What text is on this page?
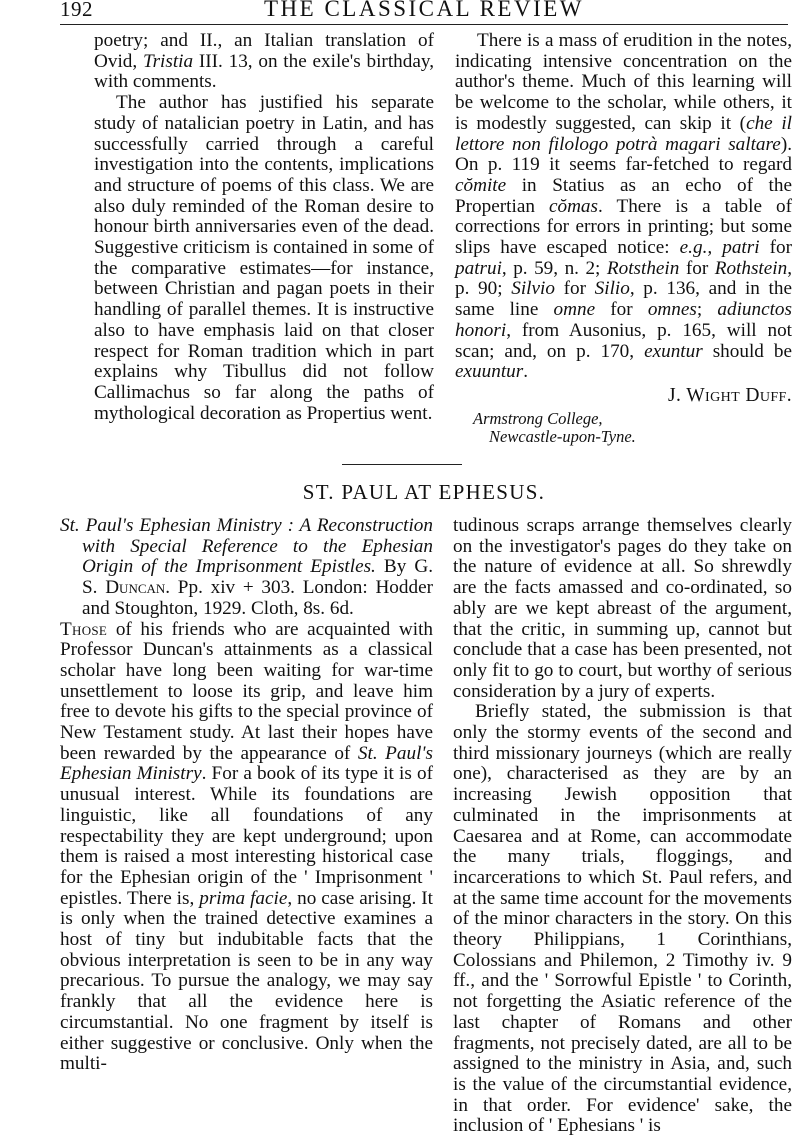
192	THE CLASSICAL REVIEW

poetry; and II., an Italian translation of Ovid, Tristia III. 13, on the exile's birthday, with comments.

The author has justified his separate study of natalician poetry in Latin, and has successfully carried through a careful investigation into the contents, implications and structure of poems of this class. We are also duly reminded of the Roman desire to honour birth anniversaries even of the dead. Suggestive criticism is contained in some of the comparative estimates—for instance, between Christian and pagan poets in their handling of parallel themes. It is instructive also to have emphasis laid on that closer respect for Roman tradition which in part explains why Tibullus did not follow Callimachus so far along the paths of mythological decoration as Propertius went.

There is a mass of erudition in the notes, indicating intensive concentration on the author's theme. Much of this learning will be welcome to the scholar, while others, it is modestly suggested, can skip it (che il lettore non filologo potrà magari saltare). On p. 119 it seems far-fetched to regard cŏmite in Statius as an echo of the Propertian cŏmas. There is a table of corrections for errors in printing; but some slips have escaped notice: e.g., patri for patrui, p. 59, n. 2; Rotsthein for Rothstein, p. 90; Silvio for Silio, p. 136, and in the same line omne for omnes; adiunctos honori, from Ausonius, p. 165, will not scan; and, on p. 170, exuntur should be exuuntur.

J. Wight Duff.
Armstrong College,
Newcastle-upon-Tyne.
ST. PAUL AT EPHESUS.

St. Paul's Ephesian Ministry : A Reconstruction with Special Reference to the Ephesian Origin of the Imprisonment Epistles. By G. S. Duncan. Pp. xiv + 303. London: Hodder and Stoughton, 1929. Cloth, 8s. 6d.

Those of his friends who are acquainted with Professor Duncan's attainments as a classical scholar have long been waiting for war-time unsettlement to loose its grip, and leave him free to devote his gifts to the special province of New Testament study. At last their hopes have been rewarded by the appearance of St. Paul's Ephesian Ministry. For a book of its type it is of unusual interest. While its foundations are linguistic, like all foundations of any respectability they are kept underground; upon them is raised a most interesting historical case for the Ephesian origin of the ' Imprisonment ' epistles. There is, prima facie, no case arising. It is only when the trained detective examines a host of tiny but indubitable facts that the obvious interpretation is seen to be in any way precarious. To pursue the analogy, we may say frankly that all the evidence here is circumstantial. No one fragment by itself is either suggestive or conclusive. Only when the multi-

tudinous scraps arrange themselves clearly on the investigator's pages do they take on the nature of evidence at all. So shrewdly are the facts amassed and co-ordinated, so ably are we kept abreast of the argument, that the critic, in summing up, cannot but conclude that a case has been presented, not only fit to go to court, but worthy of serious consideration by a jury of experts.

Briefly stated, the submission is that only the stormy events of the second and third missionary journeys (which are really one), characterised as they are by an increasing Jewish opposition that culminated in the imprisonments at Caesarea and at Rome, can accommodate the many trials, floggings, and incarcerations to which St. Paul refers, and at the same time account for the movements of the minor characters in the story. On this theory Philippians, 1 Corinthians, Colossians and Philemon, 2 Timothy iv. 9 ff., and the ' Sorrowful Epistle ' to Corinth, not forgetting the Asiatic reference of the last chapter of Romans and other fragments, not precisely dated, are all to be assigned to the ministry in Asia, and, such is the value of the circumstantial evidence, in that order. For evidence' sake, the inclusion of ' Ephesians ' is
